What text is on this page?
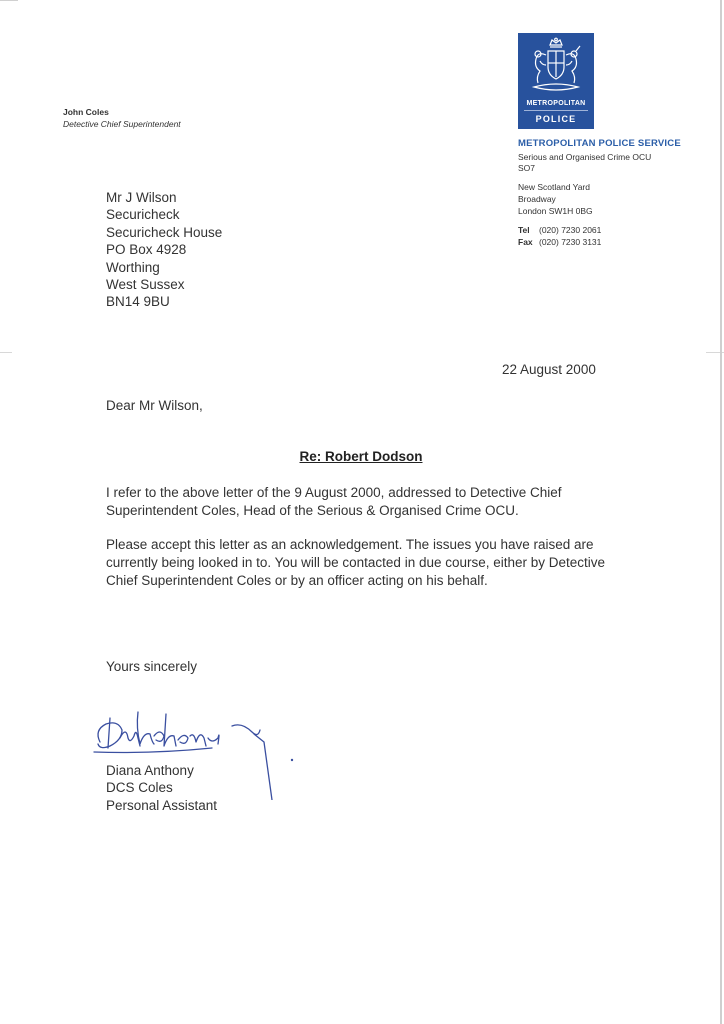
John Coles
Detective Chief Superintendent
METROPOLITAN
POLICE
METROPOLITAN POLICE SERVICE
Serious and Organised Crime OCU
SO7
New Scotland Yard
Broadway
London SW1H 0BG
Tel (020) 7230 2061
Fax (020) 7230 3131
Mr J Wilson
Securicheck
Securicheck House
PO Box 4928
Worthing
West Sussex
BN14 9BU
22 August 2000
Dear Mr Wilson,
Re: Robert Dodson
I refer to the above letter of the 9 August 2000, addressed to Detective Chief Superintendent Coles, Head of the Serious & Organised Crime OCU.
Please accept this letter as an acknowledgement. The issues you have raised are currently being looked in to. You will be contacted in due course, either by Detective Chief Superintendent Coles or by an officer acting on his behalf.
Yours sincerely
Diana Anthony
DCS Coles
Personal Assistant
